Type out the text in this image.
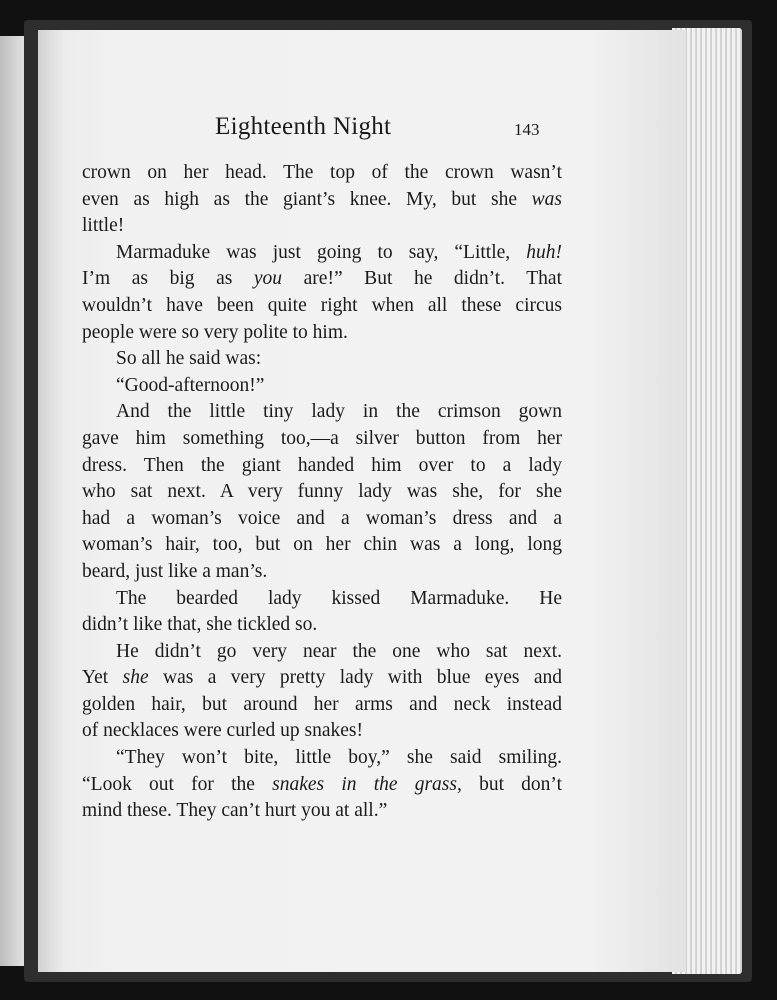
Eighteenth Night	143
crown on her head. The top of the crown wasn’t
even as high as the giant’s knee. My, but she was
little!
Marmaduke was just going to say, “Little, huh!
I’m as big as you are!” But he didn’t. That
wouldn’t have been quite right when all these circus
people were so very polite to him.
So all he said was:
“Good-afternoon!”
And the little tiny lady in the crimson gown
gave him something too,—a silver button from her
dress. Then the giant handed him over to a lady
who sat next. A very funny lady was she, for she
had a woman’s voice and a woman’s dress and a
woman’s hair, too, but on her chin was a long, long
beard, just like a man’s.
The bearded lady kissed Marmaduke. He
didn’t like that, she tickled so.
He didn’t go very near the one who sat next.
Yet she was a very pretty lady with blue eyes and
golden hair, but around her arms and neck instead
of necklaces were curled up snakes!
“They won’t bite, little boy,” she said smiling.
“Look out for the snakes in the grass, but don’t
mind these. They can’t hurt you at all.”
